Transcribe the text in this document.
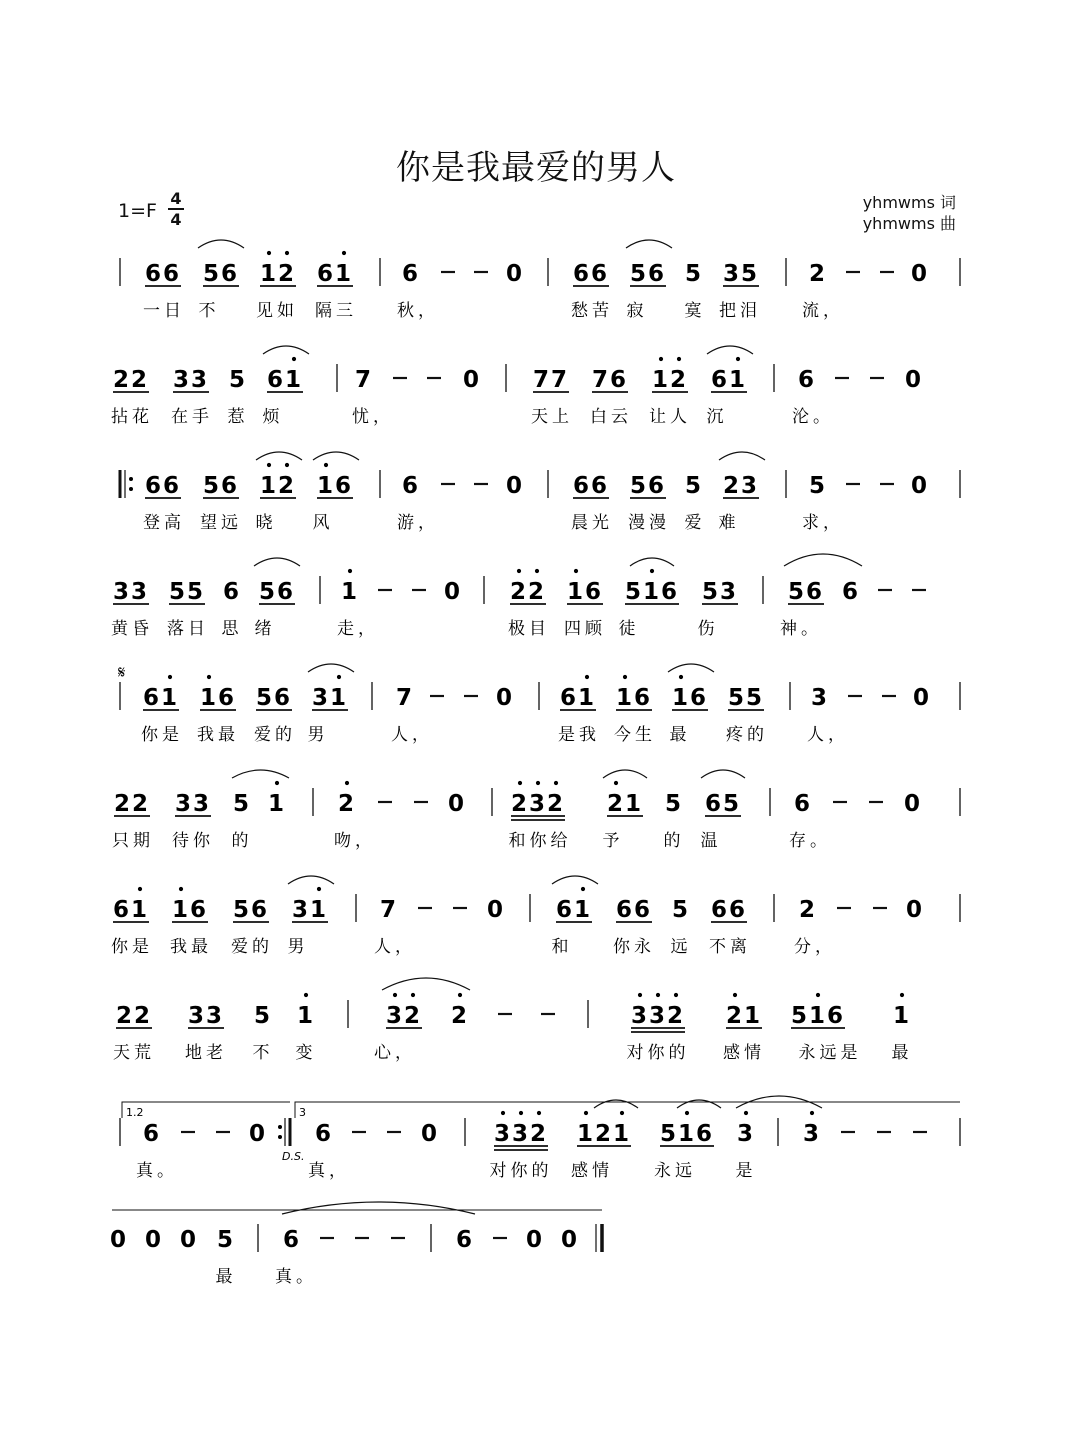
你是我最爱的男人
1=F
4
4
yhmwms 词
yhmwms 曲
66 56 12 61 6	0 66 56 5 35 2	0
一日 不 见如 隔三 秋，	愁苦 寂 寞 把泪 流，
22 33 5 61 7	0 77 76 12 61 6	0
拈花 在手 惹 烦	忧，	天上 白云 让人 沉	沦。
66 56 12 16 6	0 66 56 5 23 5	0
登高 望远 晓 风	游，	晨光 漫漫 爱 难	求，
33 55 6 56 1	0 22 16 516 53 56 6
黄昏 落日 思 绪	走，	极目 四顾 徒	伤	神。
61 16 56 31 7	0 61 16 16 55 3	0
你是 我最 爱的 男	人，	是我 今生 最 疼的 人，
22 33 5 1 2	0 232 21 5 65 6	0
只期 待你 的	吻，	和你给 予 的 温	存。
61 16 56 31 7	0 61 66 5 66 2	0
你是 我最 爱的 男	人，	和 你永 远 不离	分，
22 33 5 1	32 2	332 21 516 1
天荒 地老 不 变	心，	对你的 感情 永远是 最
6	0 6	0 332 121 516 3 3
真。	真，	对你的 感情 永远 是
0 0 0 5 6	6 0 0
最 真。
𝄋
1.2	3
D.S.
